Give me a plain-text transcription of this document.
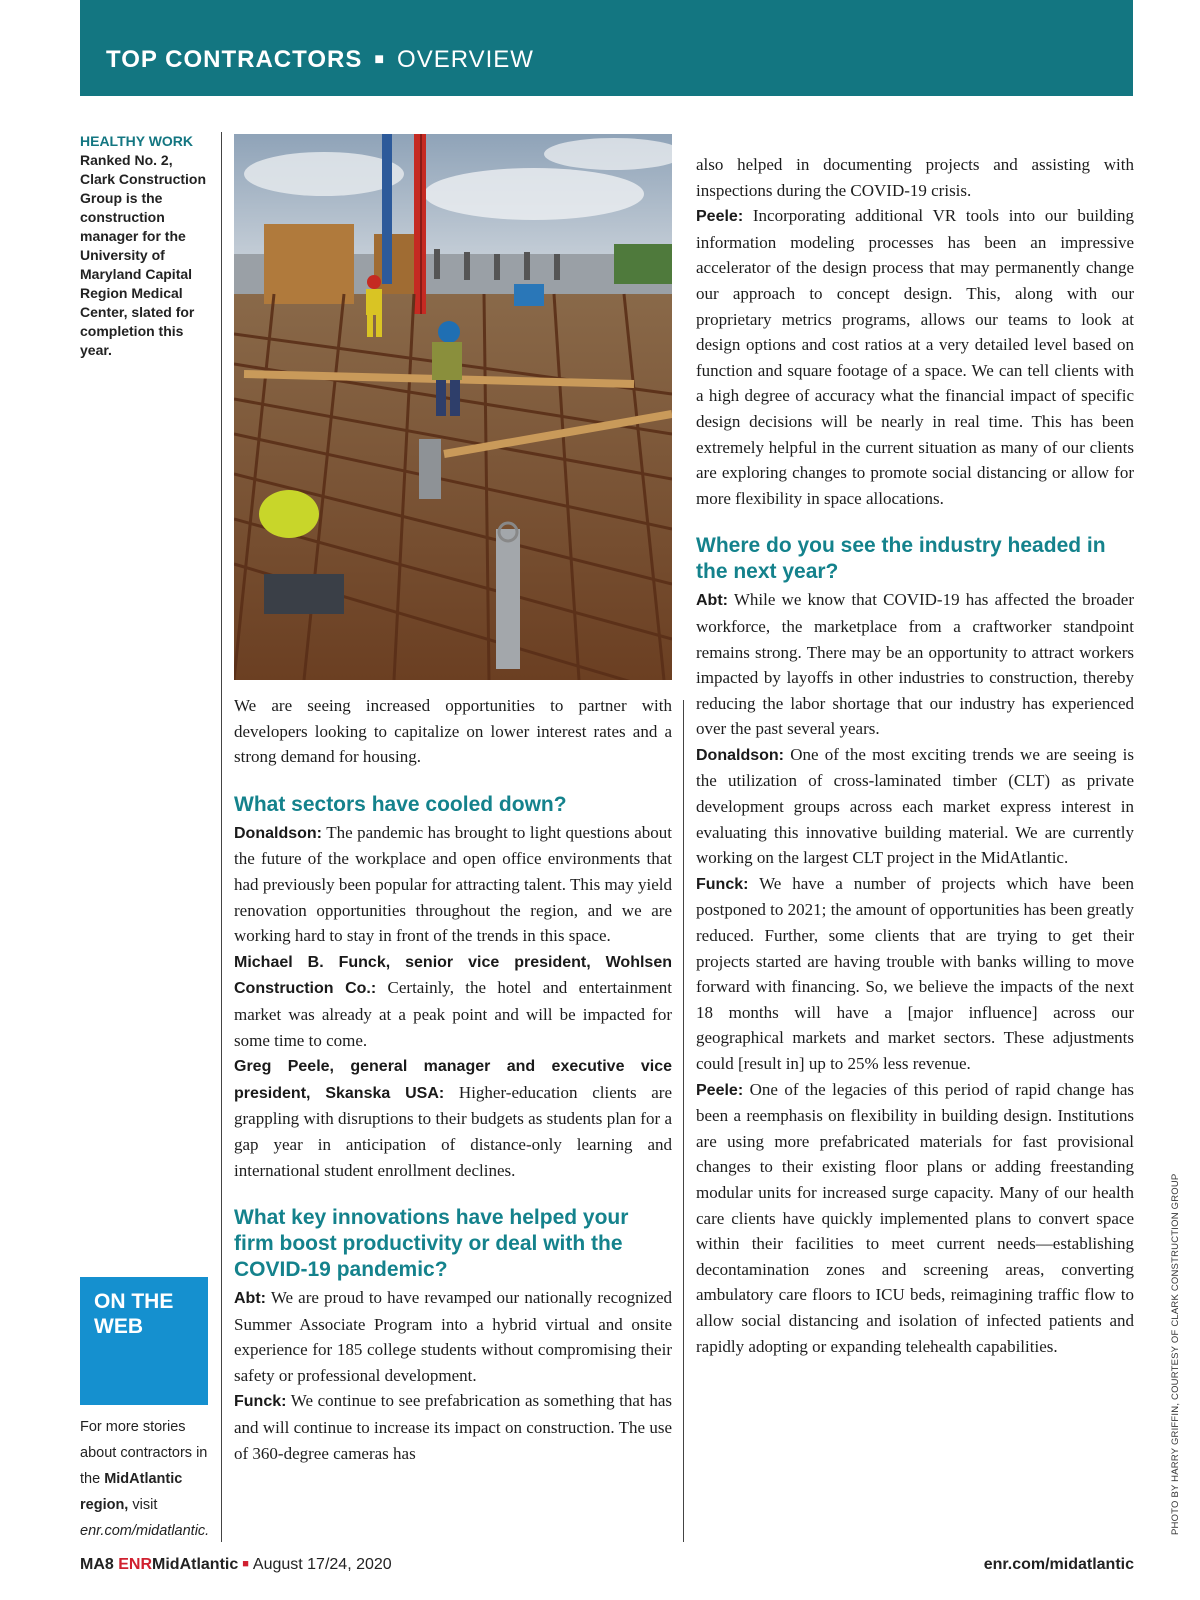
TOP CONTRACTORS ■ OVERVIEW
HEALTHY WORK
Ranked No. 2, Clark Construction Group is the construction manager for the University of Maryland Capital Region Medical Center, slated for completion this year.

We are seeing increased opportunities to partner with developers looking to capitalize on lower interest rates and a strong demand for housing.

What sectors have cooled down?

Donaldson: The pandemic has brought to light questions about the future of the workplace and open office environments that had previously been popular for attracting talent. This may yield renovation opportunities throughout the region, and we are working hard to stay in front of the trends in this space.

Michael B. Funck, senior vice president, Wohlsen Construction Co.: Certainly, the hotel and entertainment market was already at a peak point and will be impacted for some time to come.

Greg Peele, general manager and executive vice president, Skanska USA: Higher-education clients are grappling with disruptions to their budgets as students plan for a gap year in anticipation of distance-only learning and international student enrollment declines.

What key innovations have helped your firm boost productivity or deal with the COVID-19 pandemic?

Abt: We are proud to have revamped our nationally recognized Summer Associate Program into a hybrid virtual and onsite experience for 185 college students without compromising their safety or professional development.

Funck: We continue to see prefabrication as something that has and will continue to increase its impact on construction. The use of 360-degree cameras has

also helped in documenting projects and assisting with inspections during the COVID-19 crisis.

Peele: Incorporating additional VR tools into our building information modeling processes has been an impressive accelerator of the design process that may permanently change our approach to concept design. This, along with our proprietary metrics programs, allows our teams to look at design options and cost ratios at a very detailed level based on function and square footage of a space. We can tell clients with a high degree of accuracy what the financial impact of specific design decisions will be nearly in real time. This has been extremely helpful in the current situation as many of our clients are exploring changes to promote social distancing or allow for more flexibility in space allocations.

Where do you see the industry headed in the next year?

Abt: While we know that COVID-19 has affected the broader workforce, the marketplace from a craftworker standpoint remains strong. There may be an opportunity to attract workers impacted by layoffs in other industries to construction, thereby reducing the labor shortage that our industry has experienced over the past several years.

Donaldson: One of the most exciting trends we are seeing is the utilization of cross-laminated timber (CLT) as private development groups across each market express interest in evaluating this innovative building material. We are currently working on the largest CLT project in the MidAtlantic.

Funck: We have a number of projects which have been postponed to 2021; the amount of opportunities has been greatly reduced. Further, some clients that are trying to get their projects started are having trouble with banks willing to move forward with financing. So, we believe the impacts of the next 18 months will have a [major influence] across our geographical markets and market sectors. These adjustments could [result in] up to 25% less revenue.

Peele: One of the legacies of this period of rapid change has been a reemphasis on flexibility in building design. Institutions are using more prefabricated materials for fast provisional changes to their existing floor plans or adding freestanding modular units for increased surge capacity. Many of our health care clients have quickly implemented plans to convert space within their facilities to meet current needs—establishing decontamination zones and screening areas, converting ambulatory care floors to ICU beds, reimagining traffic flow to allow social distancing and isolation of infected patients and rapidly adopting or expanding telehealth capabilities.

ON THE WEB
For more stories about contractors in the MidAtlantic region, visit enr.com/midatlantic.
MA8 ENRMidAtlantic ■ August 17/24, 2020	enr.com/midatlantic
PHOTO BY HARRY GRIFFIN, COURTESY OF CLARK CONSTRUCTION GROUP
